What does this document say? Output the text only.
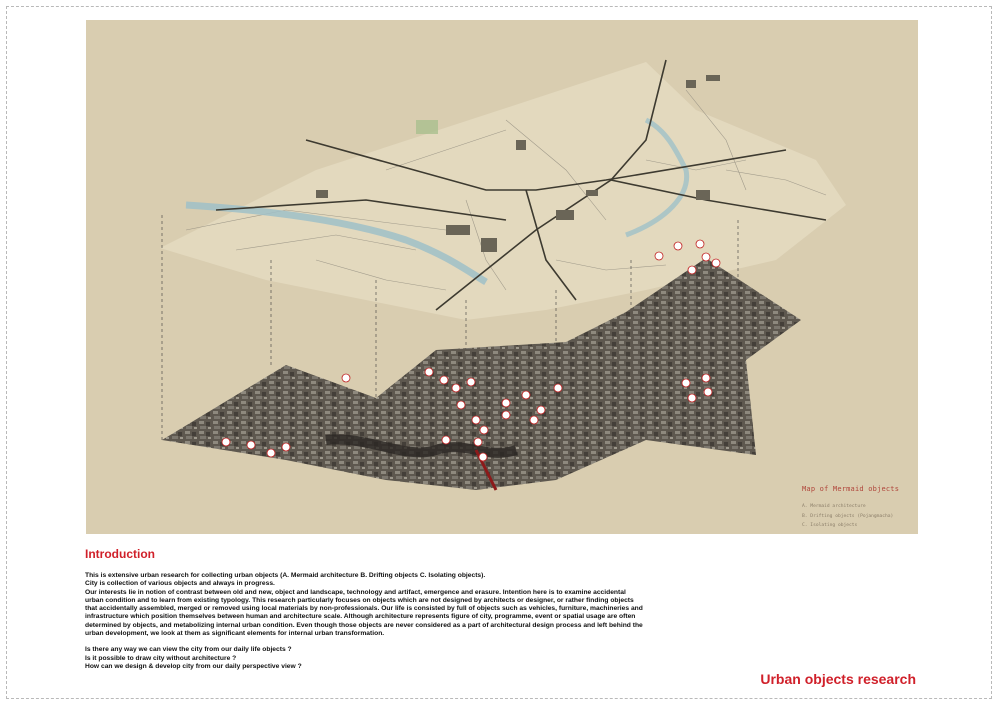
Map of Mermaid objects
A. Mermaid architecture
B. Drifting objects (Pojangmacha)
C. Isolating objects
Introduction

This is extensive urban research for collecting urban objects (A. Mermaid architecture B. Drifting objects C. Isolating objects).

City is collection of various objects and always in progress.

Our interests lie in notion of contrast between old and new, object and landscape, technology and artifact, emergence and erasure. Intention here is to examine accidental urban condition and to learn from existing typology. This research particularly focuses on objects which are not designed by architects or designer, or rather finding objects that accidentally assembled, merged or removed using local materials by non-professionals. Our life is consisted by full of objects such as vehicles, furniture, machineries and infrastructure which position themselves between human and architecture scale. Although architecture represents figure of city, programme, event or spatial usage are often determined by objects, and metabolizing internal urban condition. Even though those objects are never considered as a part of architectural design process and left behind the urban development, we look at them as significant elements for internal urban transformation.

Is there any way we can view the city from our daily life objects ?

Is it possible to draw city without architecture ?

How can we design & develop city from our daily perspective view ?

Urban objects research
